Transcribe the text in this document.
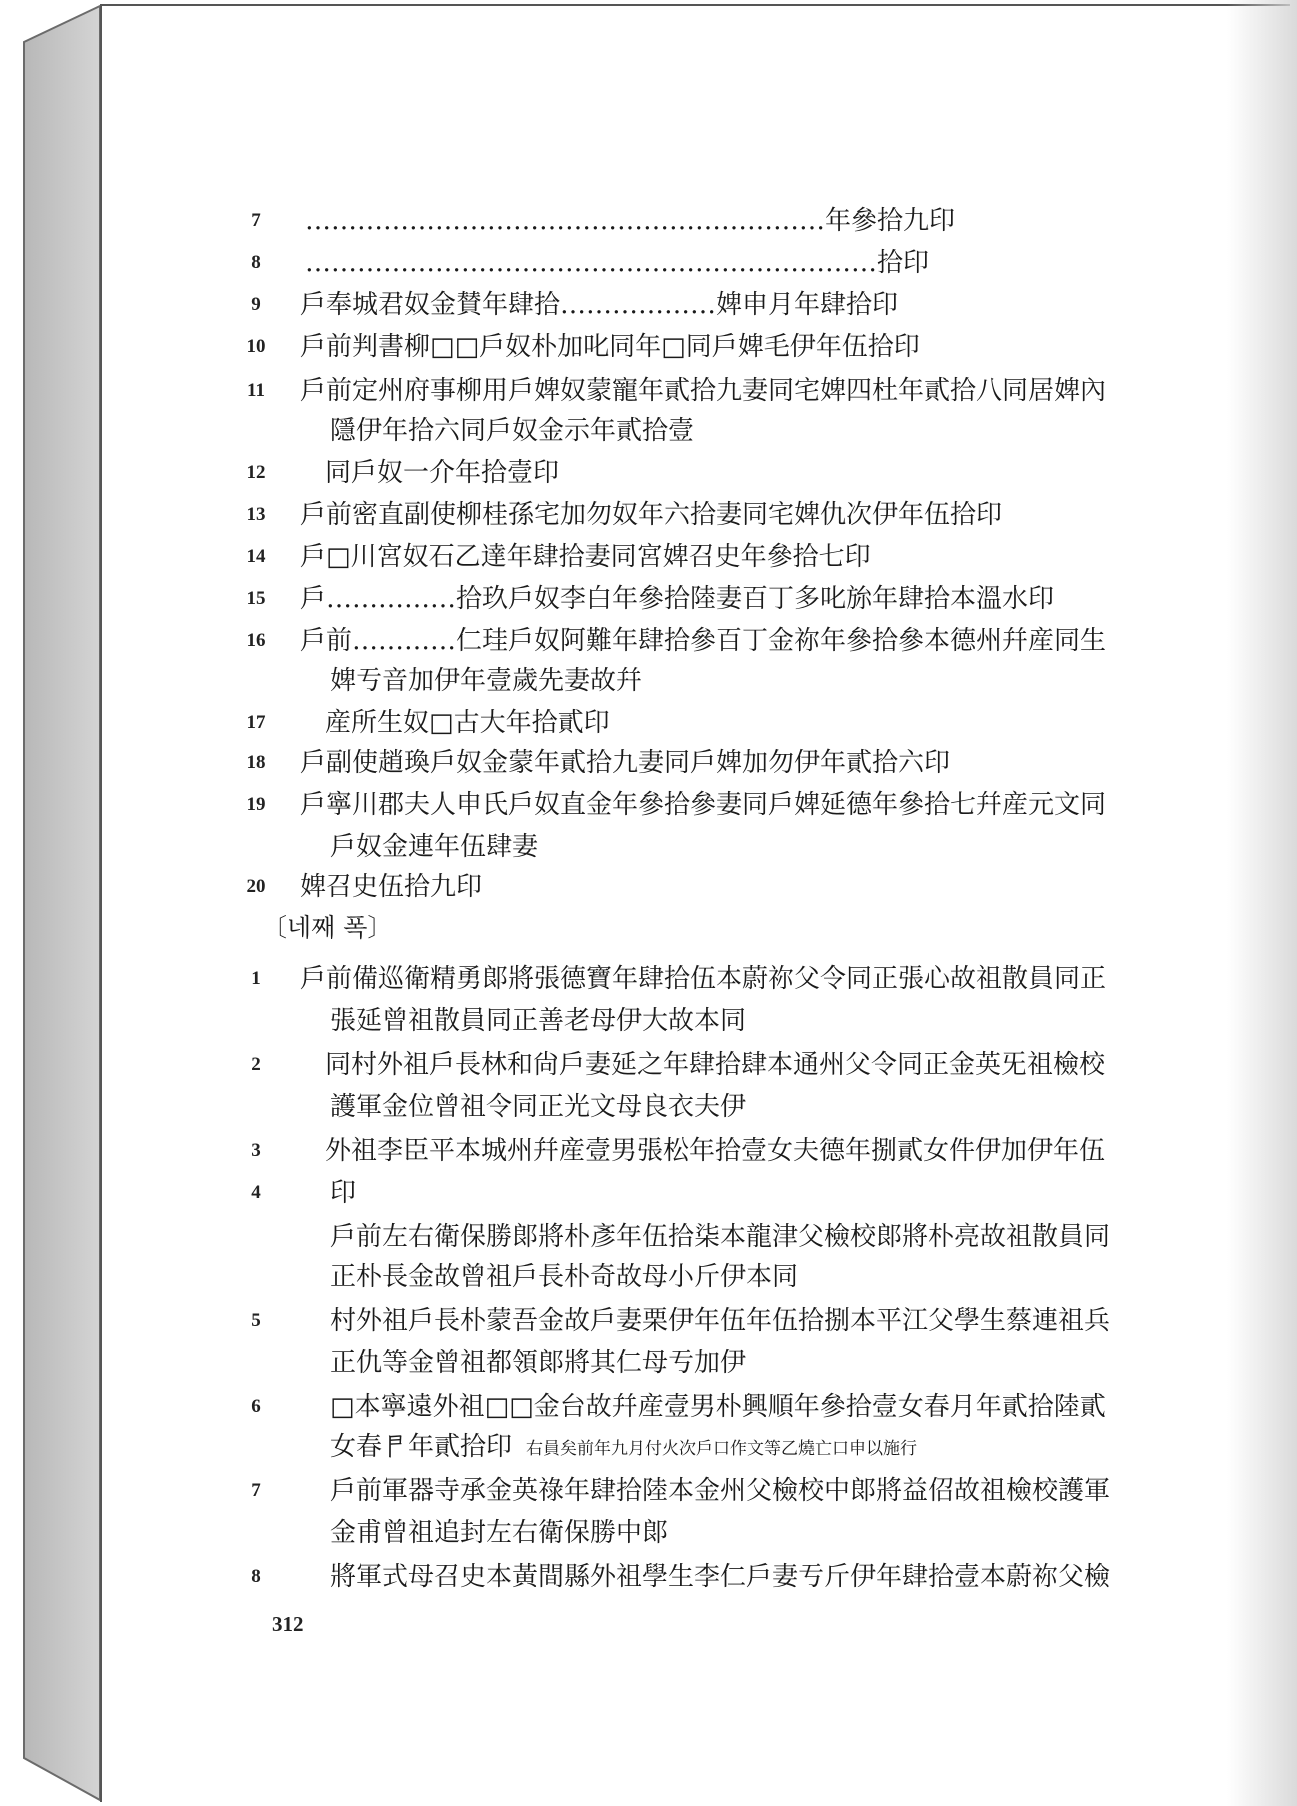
7	……………………………………………………年參拾九印
8	…………………………………………………………拾印
9	戶奉城君奴金賛年肆拾………………婢申月年肆拾印
10	戶前判書柳□□戶奴朴加叱同年□同戶婢毛伊年伍拾印
11	戶前定州府事柳用戶婢奴蒙寵年貳拾九妻同宅婢四杜年貳拾八同居婢內
隱伊年拾六同戶奴金示年貳拾壹
12	同戶奴一介年拾壹印
13	戶前密直副使柳桂孫宅加勿奴年六拾妻同宅婢仇次伊年伍拾印
14	戶□川宮奴石乙達年肆拾妻同宮婢召史年參拾七印
15	戶……………拾玖戶奴李白年參拾陸妻百丁多叱旀年肆拾本溫水印
16	戶前…………仁珪戶奴阿難年肆拾參百丁金祢年參拾參本德州幷産同生
婢亐音加伊年壹歲先妻故幷
17	産所生奴□古大年拾貳印
18	戶副使趙瑍戶奴金蒙年貳拾九妻同戶婢加勿伊年貳拾六印
19	戶寧川郡夫人申氏戶奴直金年參拾參妻同戶婢延德年參拾七幷産元文同
戶奴金連年伍肆妻
20	婢召史伍拾九印
1	戶前備巡衛精勇郞將張德寶年肆拾伍本蔚祢父令同正張心故祖散員同正
張延曾祖散員同正善老母伊大故本同
2	同村外祖戶長林和尙戶妻延之年肆拾肆本通州父令同正金英旡祖檢校
護軍金位曾祖令同正光文母良衣夫伊
3	外祖李臣平本城州幷産壹男張松年拾壹女夫德年捌貳女件伊加伊年伍
4	印
戶前左右衛保勝郞將朴彥年伍拾柒本龍津父檢校郞將朴亮故祖散員同
正朴長金故曾祖戶長朴奇故母小斤伊本同
5	村外祖戶長朴蒙吾金故戶妻栗伊年伍年伍拾捌本平江父學生蔡連祖兵
正仇等金曾祖都領郞將其仁母亐加伊
6	□本寧遠外祖□□金台故幷産壹男朴興順年參拾壹女春月年貳拾陸貳
女春𠁣年貳拾印 右員矣前年九月付火次戶口作文等乙燒亡口申以施行
7	戶前軍器寺承金英祿年肆拾陸本金州父檢校中郞將益佋故祖檢校護軍
金甫曾祖追封左右衛保勝中郞
8	將軍式母召史本黃間縣外祖學生李仁戶妻亐斤伊年肆拾壹本蔚祢父檢
〔네째 폭〕
312
